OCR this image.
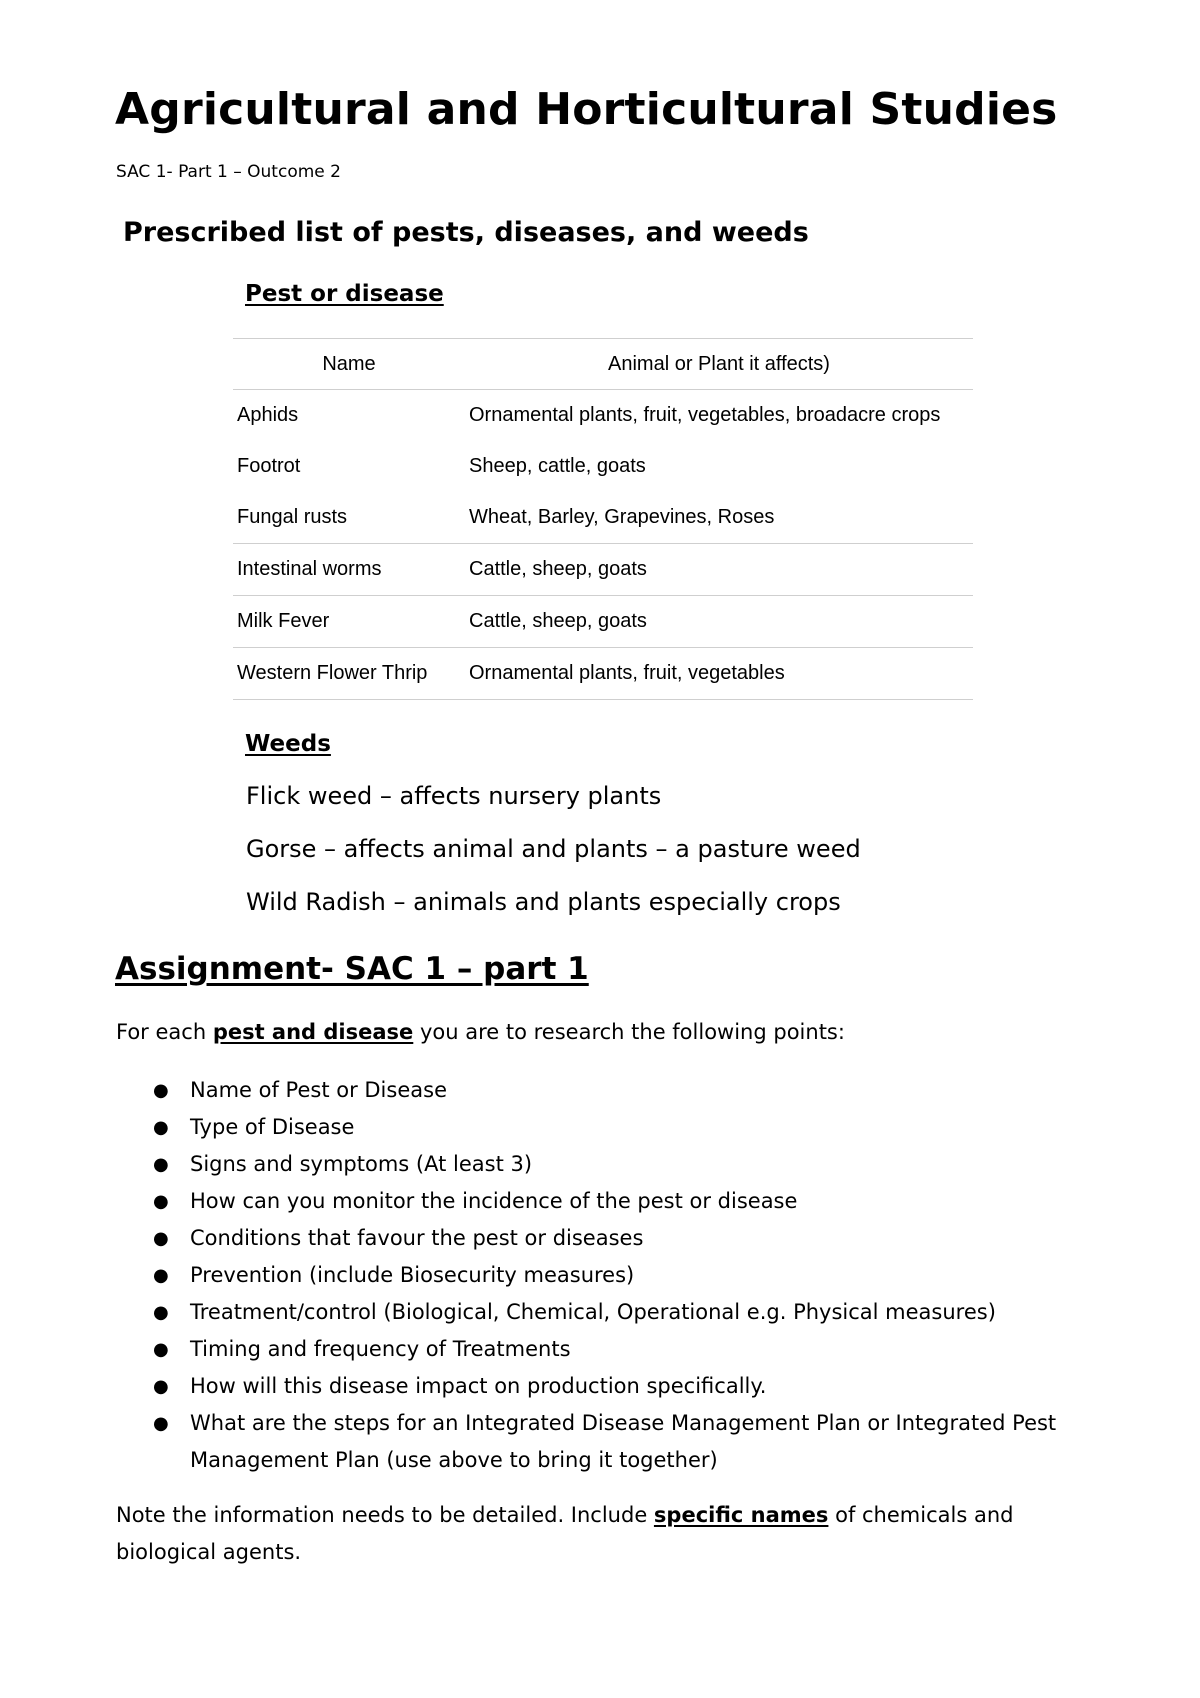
Agricultural and Horticultural Studies

SAC 1- Part 1 – Outcome 2

Prescribed list of pests, diseases, and weeds
Pest or disease
Name	Animal or Plant it affects)
Aphids	Ornamental plants, fruit, vegetables, broadacre crops
Footrot	Sheep, cattle, goats
Fungal rusts	Wheat, Barley, Grapevines, Roses
Intestinal worms	Cattle, sheep, goats
Milk Fever	Cattle, sheep, goats
Western Flower Thrip	Ornamental plants, fruit, vegetables
Weeds

Flick weed – affects nursery plants

Gorse – affects animal and plants – a pasture weed

Wild Radish – animals and plants especially crops

Assignment- SAC 1 – part 1

For each pest and disease you are to research the following points:

● Name of Pest or Disease
● Type of Disease
● Signs and symptoms (At least 3)
● How can you monitor the incidence of the pest or disease
● Conditions that favour the pest or diseases
● Prevention (include Biosecurity measures)
● Treatment/control (Biological, Chemical, Operational e.g. Physical measures)
● Timing and frequency of Treatments
● How will this disease impact on production specifically.
● What are the steps for an Integrated Disease Management Plan or Integrated Pest Management Plan (use above to bring it together)

Note the information needs to be detailed. Include specific names of chemicals and biological agents.
